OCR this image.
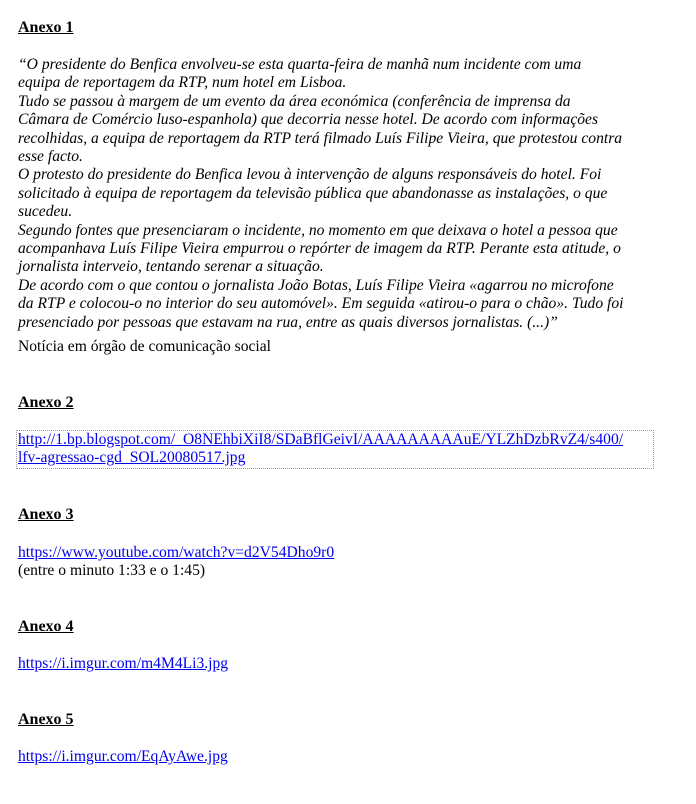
Anexo 1
“O presidente do Benfica envolveu-se esta quarta-feira de manhã num incidente com uma
equipa de reportagem da RTP, num hotel em Lisboa.
Tudo se passou à margem de um evento da área económica (conferência de imprensa da
Câmara de Comércio luso-espanhola) que decorria nesse hotel. De acordo com informações
recolhidas, a equipa de reportagem da RTP terá filmado Luís Filipe Vieira, que protestou contra
esse facto.
O protesto do presidente do Benfica levou à intervenção de alguns responsáveis do hotel. Foi
solicitado à equipa de reportagem da televisão pública que abandonasse as instalações, o que
sucedeu.
Segundo fontes que presenciaram o incidente, no momento em que deixava o hotel a pessoa que
acompanhava Luís Filipe Vieira empurrou o repórter de imagem da RTP. Perante esta atitude, o
jornalista interveio, tentando serenar a situação.
De acordo com o que contou o jornalista João Botas, Luís Filipe Vieira «agarrou no microfone
da RTP e colocou-o no interior do seu automóvel». Em seguida «atirou-o para o chão». Tudo foi
presenciado por pessoas que estavam na rua, entre as quais diversos jornalistas. (...)”
Notícia em órgão de comunicação social
Anexo 2
http://1.bp.blogspot.com/_O8NEhbiXiI8/SDaBflGeivI/AAAAAAAAAuE/YLZhDzbRvZ4/s400/
lfv-agressao-cgd_SOL20080517.jpg
Anexo 3
https://www.youtube.com/watch?v=d2V54Dho9r0
(entre o minuto 1:33 e o 1:45)
Anexo 4
https://i.imgur.com/m4M4Li3.jpg
Anexo 5
https://i.imgur.com/EqAyAwe.jpg
